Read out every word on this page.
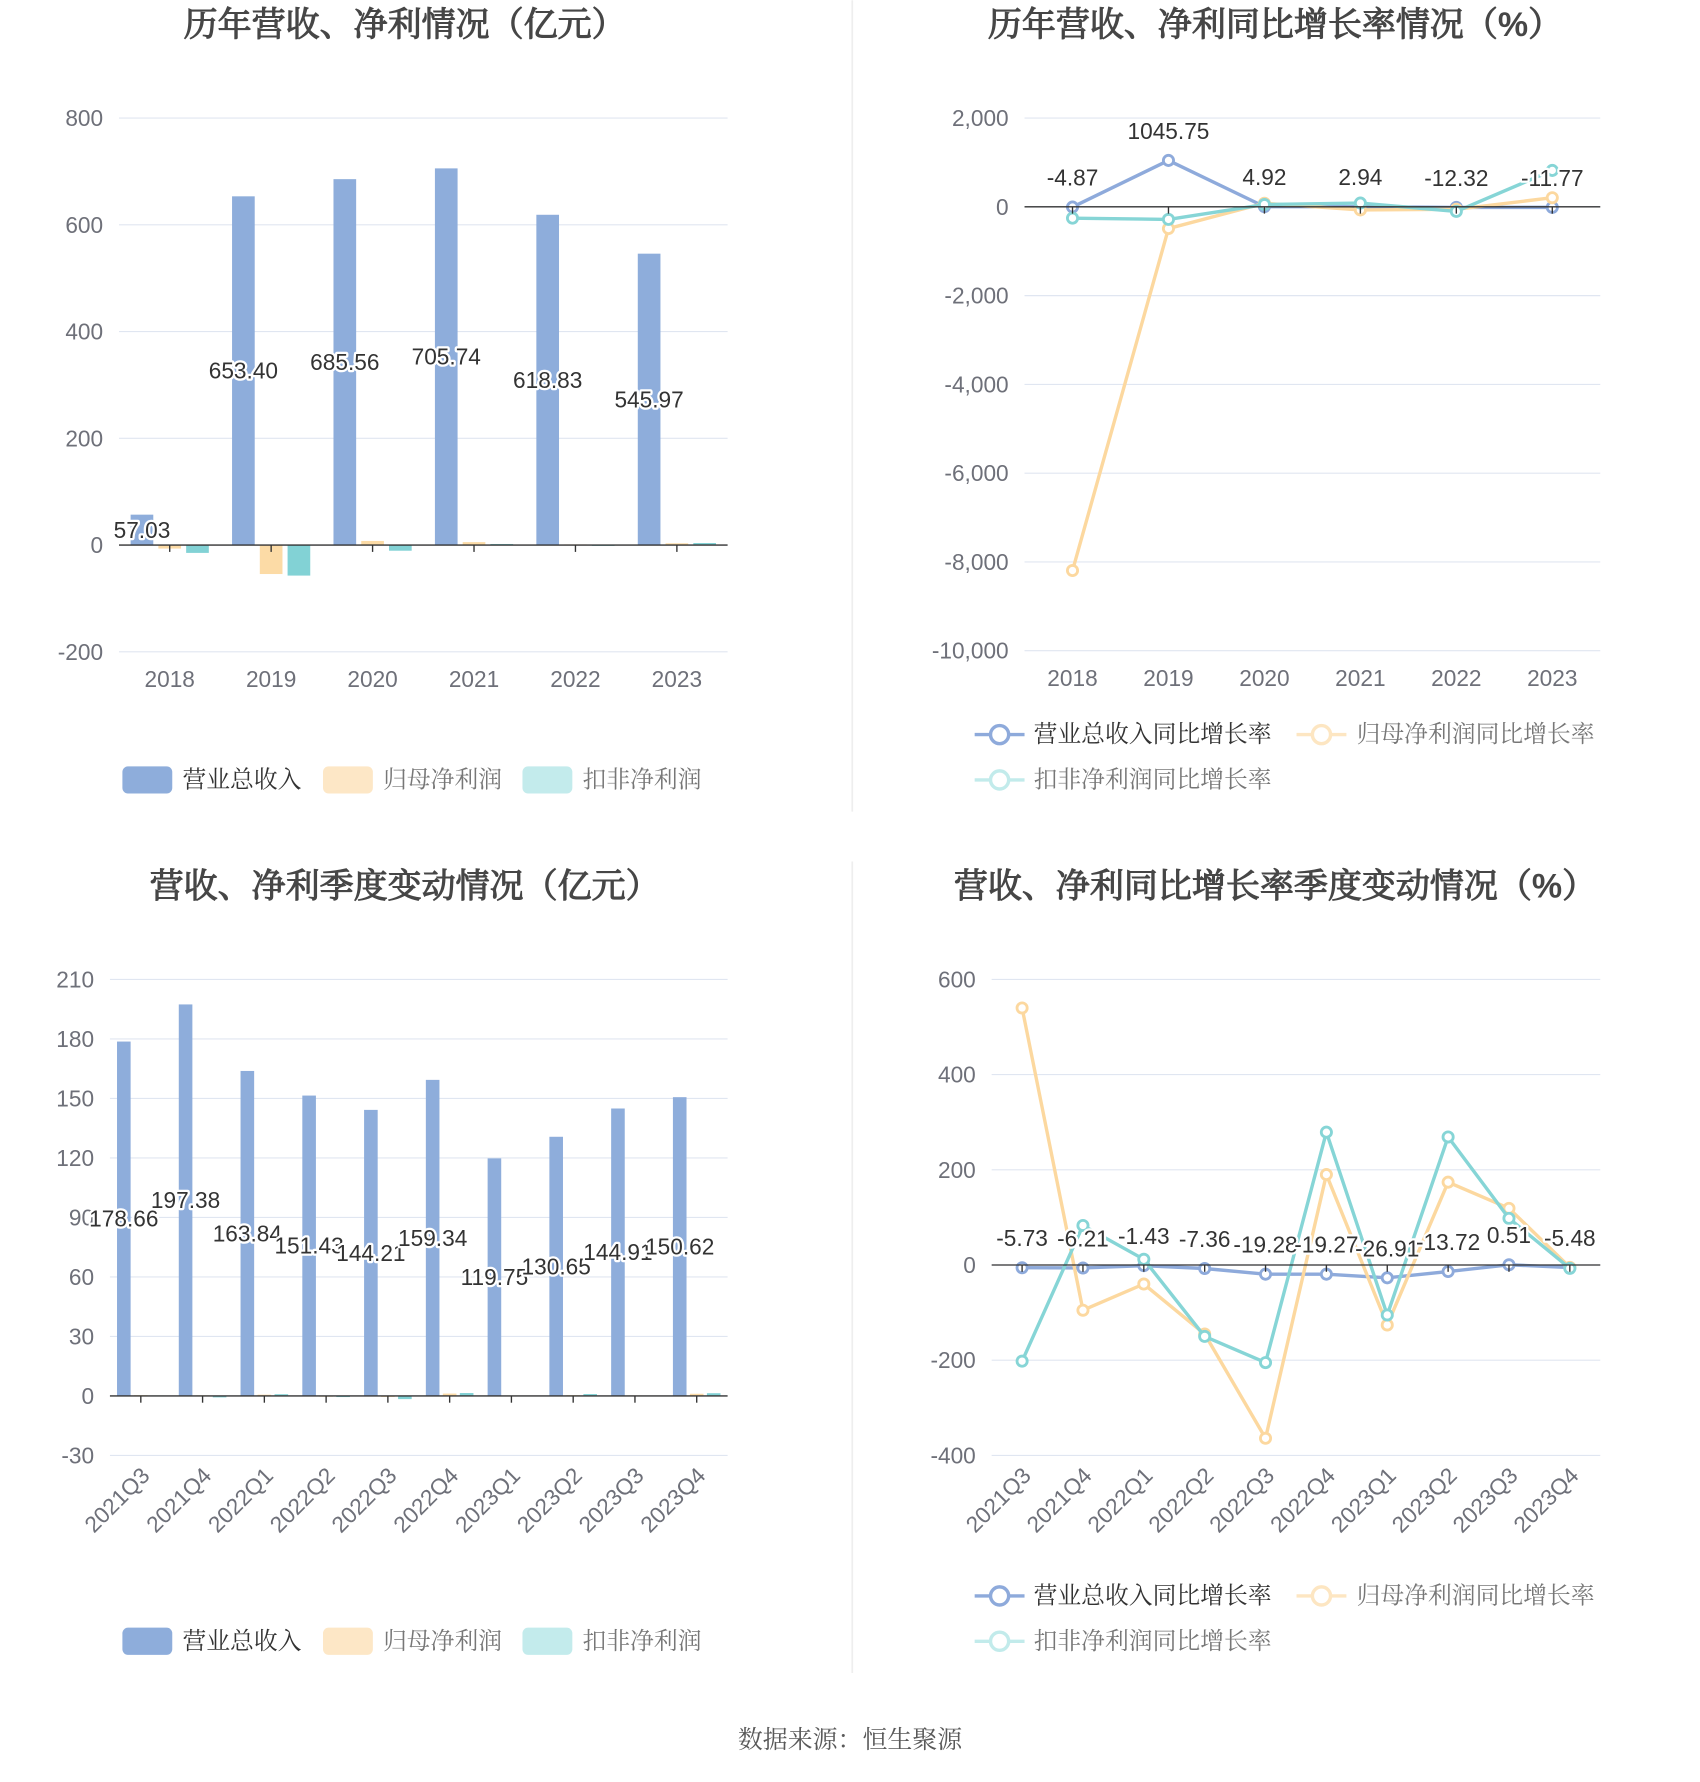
历年营收、净利情况（亿元）
800
600
400
200
0
-200
2018	2019	2020	2021	2022	2023
57.03
653.40 685.56 705.74
618.83
545.97
营业总收入	归母净利润	扣非净利润
历年营收、净利同比增长率情况（%）
2,000
0
-2,000
-4,000
-6,000
-8,000
-10,000
2018 2019 2020 2021 2022 2023
-4.87
1045.75
4.92	2.94 -12.32 -11.77
营业总收入同比增长率	归母净利润同比增长率
扣非净利润同比增长率
营收、净利季度变动情况（亿元）
210
180
150
120
90
60
30
0
-30
2021Q3
2021Q4
2022Q1
2022Q2
2022Q3
2022Q4
2023Q1
2023Q2
2023Q3
2023Q4
178.66
197.38
163.84
151.43
144.21
159.34
119.75
130.65
144.91
150.62
营业总收入	归母净利润	扣非净利润
营收、净利同比增长率季度变动情况（%）
600
400
200
0
-200
-400
2021Q3
2021Q4
2022Q1
2022Q2
2022Q3
2022Q4
2023Q1
2023Q2
2023Q3
2023Q4
-5.73 -6.21 -1.43 -7.36 -19.28
-19.27
-26.91
-13.72 0.51 -5.48
营业总收入同比增长率	归母净利润同比增长率
扣非净利润同比增长率
数据来源：恒生聚源
